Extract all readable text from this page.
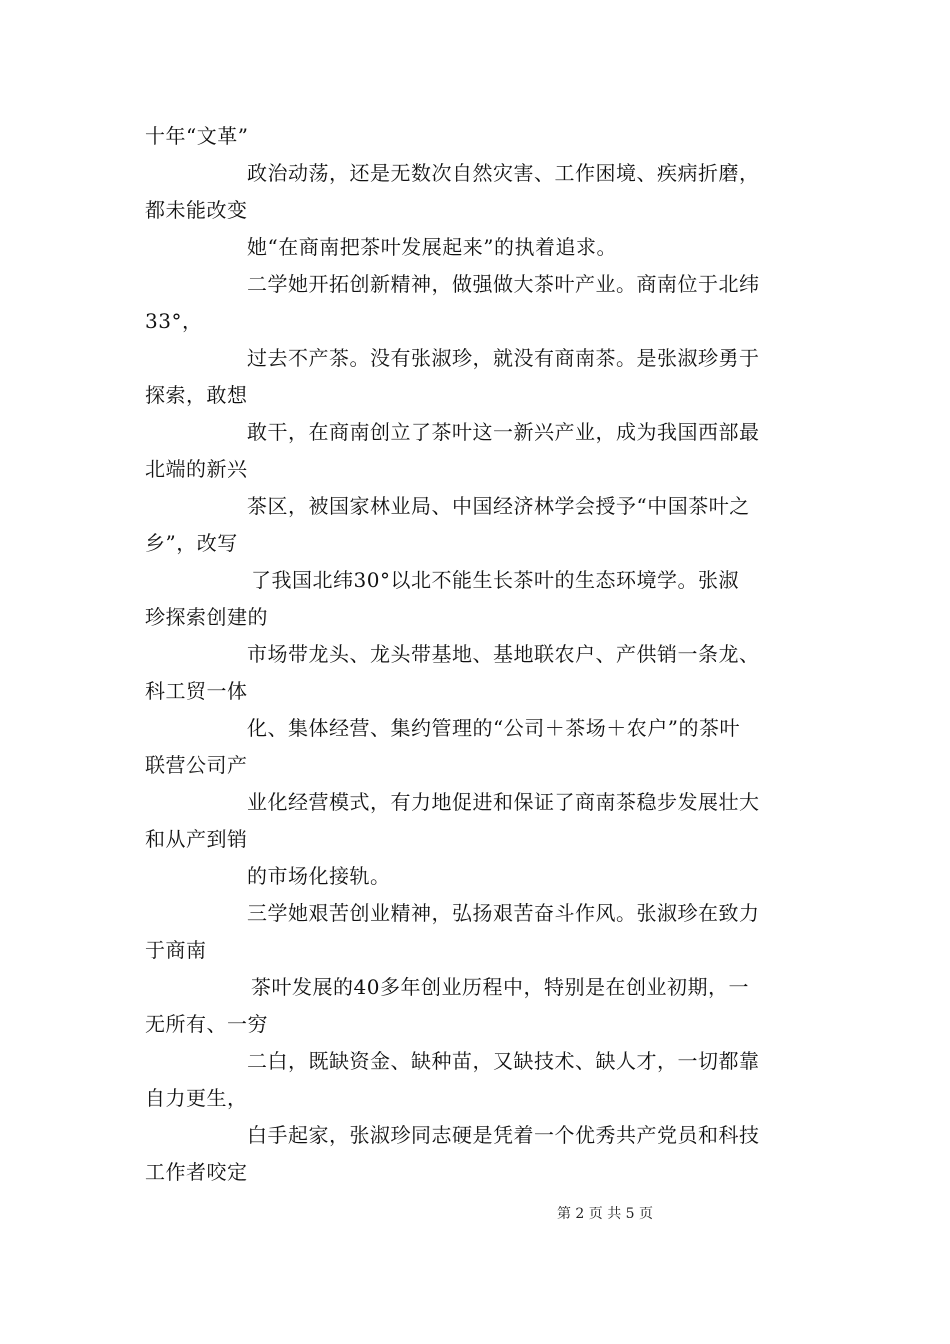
十年“文革”
政治动荡，还是无数次自然灾害、工作困境、疾病折磨，
都未能改变
她“在商南把茶叶发展起来”的执着追求。
二学她开拓创新精神，做强做大茶叶产业。商南位于北纬
33°，
过去不产茶。没有张淑珍，就没有商南茶。是张淑珍勇于
探索，敢想
敢干，在商南创立了茶叶这一新兴产业，成为我国西部最
北端的新兴
茶区，被国家林业局、中国经济林学会授予“中国茶叶之
乡”，改写
了我国北纬30°以北不能生长茶叶的生态环境学。张淑
珍探索创建的
市场带龙头、龙头带基地、基地联农户、产供销一条龙、
科工贸一体
化、集体经营、集约管理的“公司＋茶场＋农户”的茶叶
联营公司产
业化经营模式，有力地促进和保证了商南茶稳步发展壮大
和从产到销
的市场化接轨。
三学她艰苦创业精神，弘扬艰苦奋斗作风。张淑珍在致力
于商南
茶叶发展的40多年创业历程中，特别是在创业初期，一
无所有、一穷
二白，既缺资金、缺种苗，又缺技术、缺人才，一切都靠
自力更生，
白手起家，张淑珍同志硬是凭着一个优秀共产党员和科技
工作者咬定
第 2 页 共 5 页
